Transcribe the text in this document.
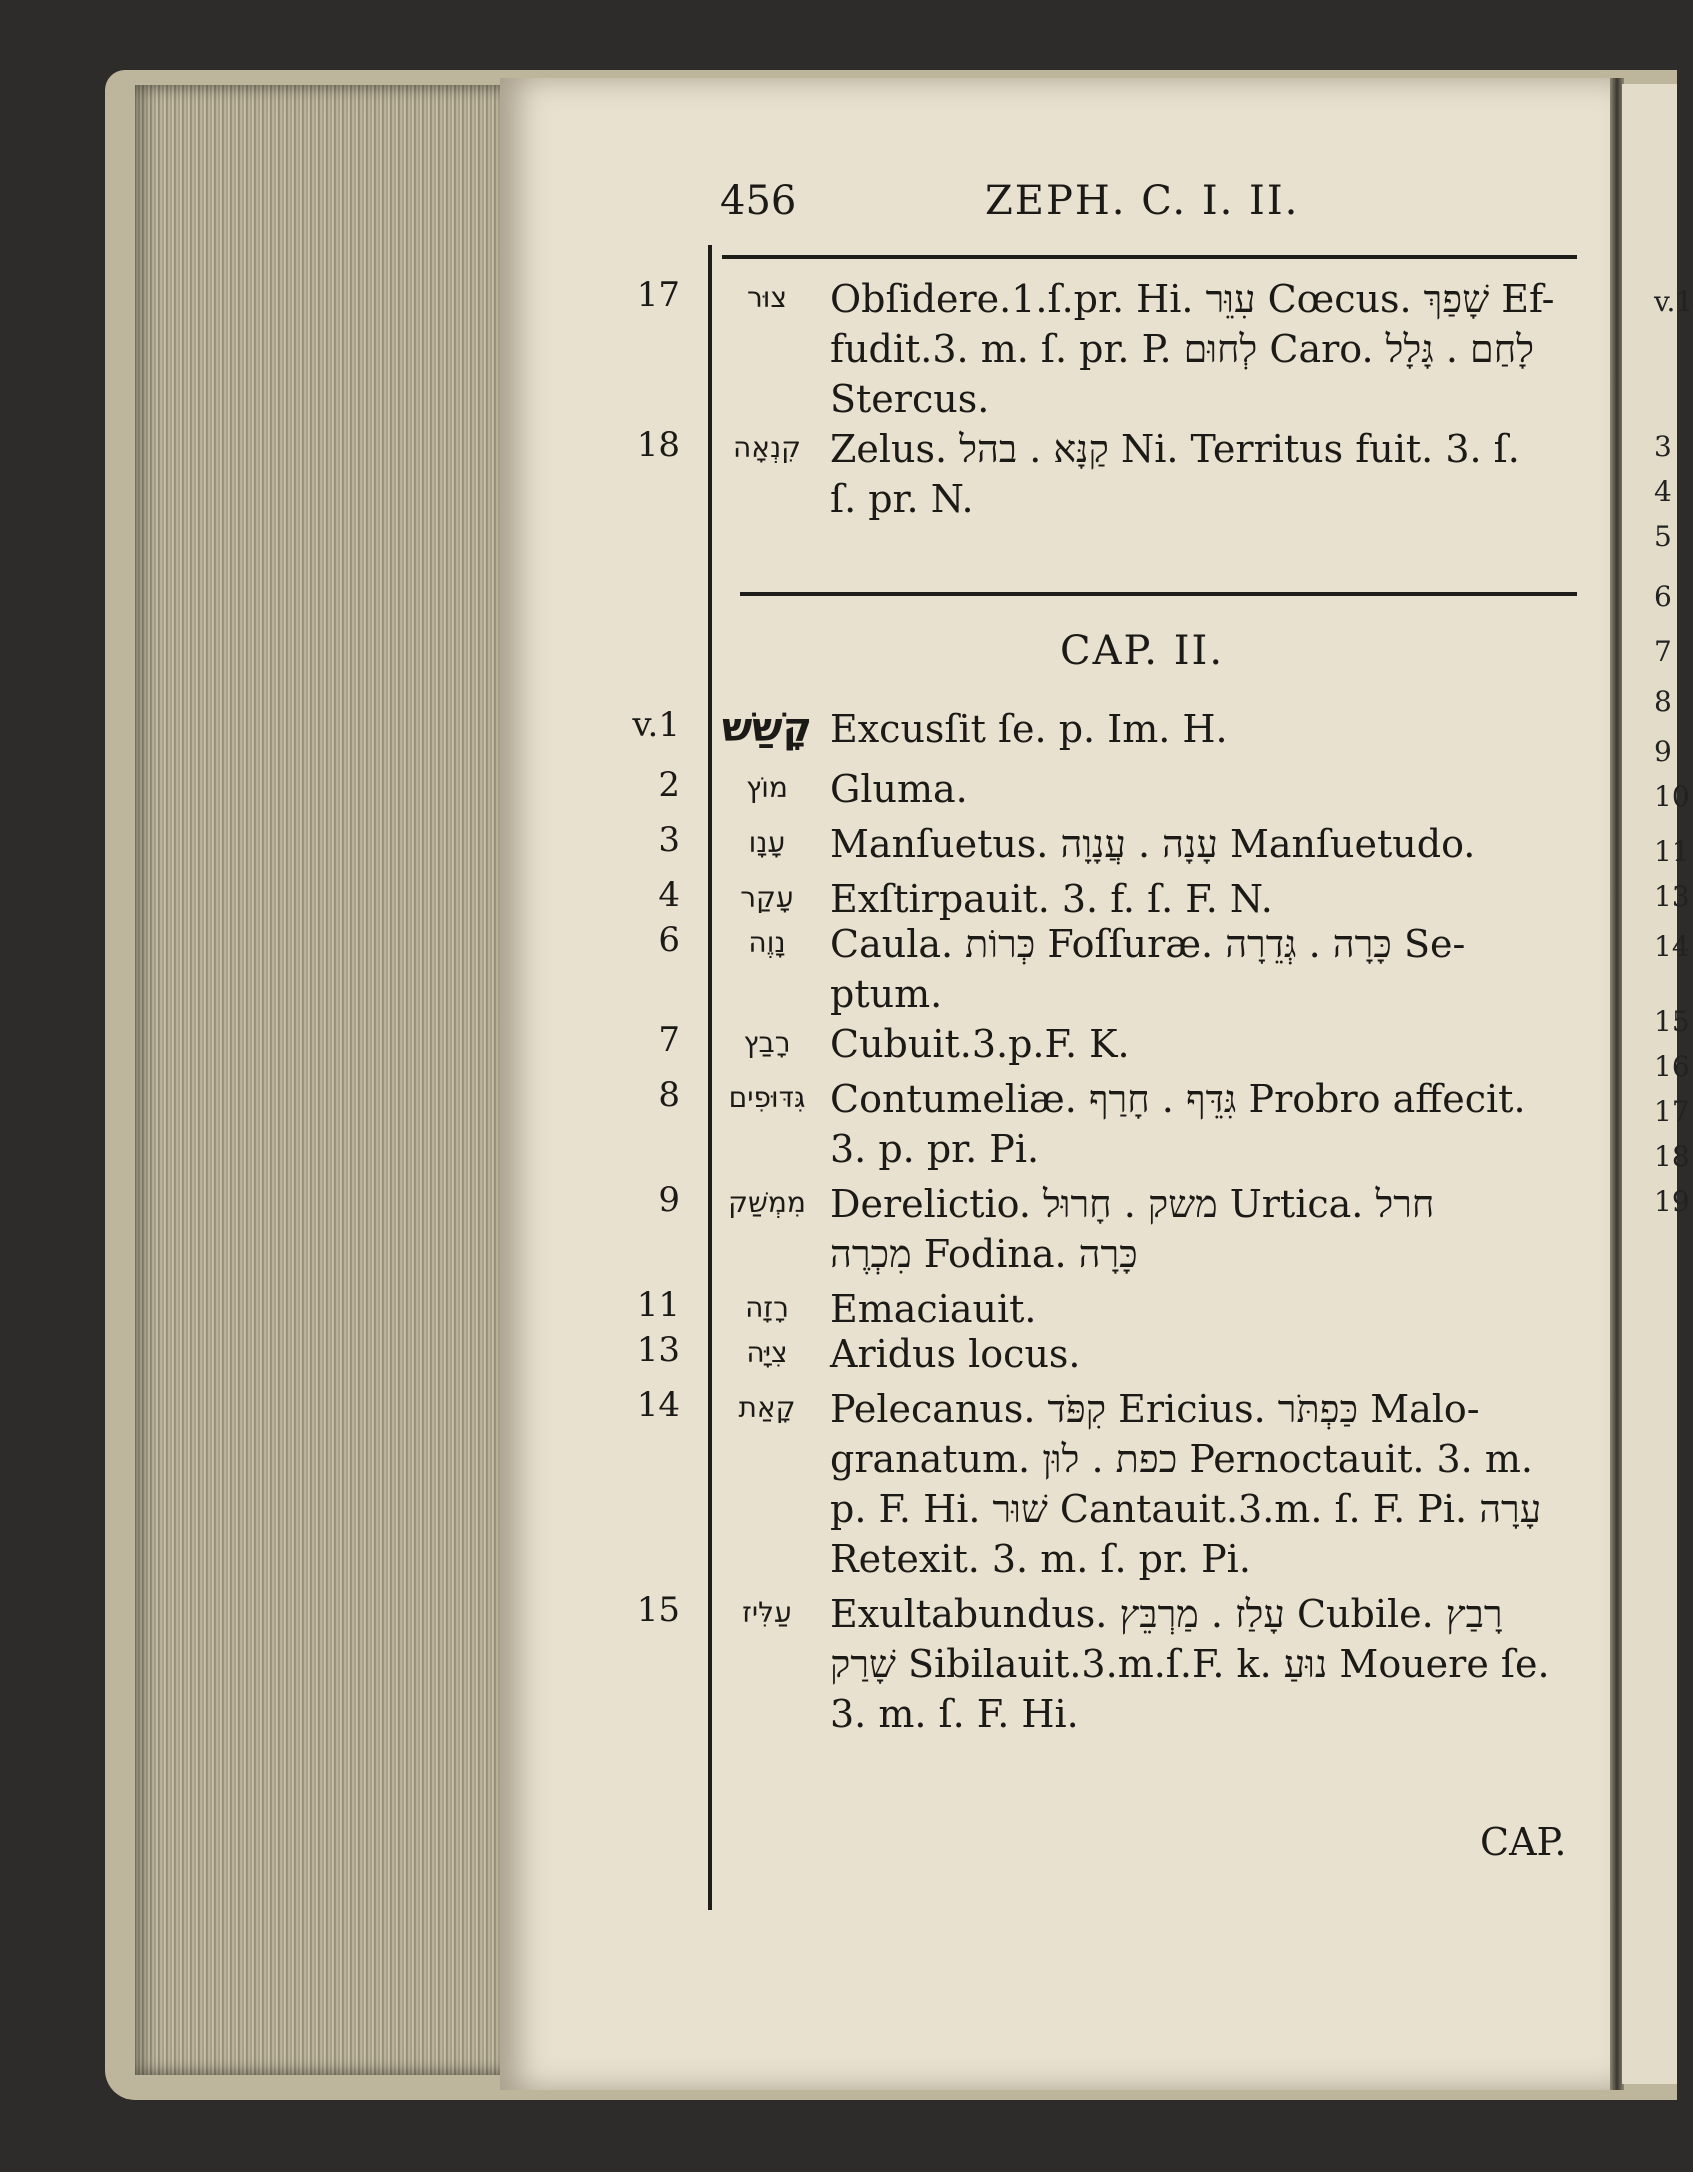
v.1
3
4
5
6
7
8
9
10
11
13
14
15
16
17
18
19
456	ZEPH. C. I. II.
CAP. II.
17	צוּר	Obſidere.1.ſ.pr. Hi. עִוֵּר Cœcus. שָׁפַךְ Ef-
fudit.3. m. ſ. pr. P. לְחוּם Caro. לָחַם . גָּלָל
Stercus.
18	קִנְאָה Zelus. קַנָּא . בהל Ni. Territus fuit. 3. ſ.
ſ. pr. N.
v.1 קָשַׁשׁ Excusſit ſe. p. Im. H.
2	מוֹץ	Gluma.
3	עָנָו	Manſuetus. עָנָה . עֲנָוָה Manſuetudo.
4	עָקַר Exſtirpauit. 3. f. ſ. F. N.
6	נָוֶה	Caula. כְּרוֹת Foſſuræ. כָּרָה . גְּדֵרָה Se-
ptum.
7	רָבַץ	Cubuit.3.p.F. K.
8	גִּדּוּפִים Contumeliæ. גִּדֵּף . חָרַף Probro affecit.
3. p. pr. Pi.
9	מִמְשַׁק Derelictio. משק . חָרוּל Urtica. חרל
מִכְרֶה Fodina. כָּרָה
11	רָזָה	Emaciauit.
13	צִיָּה	Aridus locus.
14	קָאַת Pelecanus. קִפֹּד Ericius. כַּפְתֹּר Malo-
granatum. כפת . לוּן Pernoctauit. 3. m.
p. F. Hi. שׁוּר Cantauit.3.m. ſ. F. Pi. עָרָה
Retexit. 3. m. ſ. pr. Pi.
15	עַלִּיז	Exultabundus. עָלַז . מַרְבֵּץ Cubile. רָבַץ
שָׁרַק Sibilauit.3.m.ſ.F. k. נוּעַ Mouere ſe.
3. m. ſ. F. Hi.
CAP.
